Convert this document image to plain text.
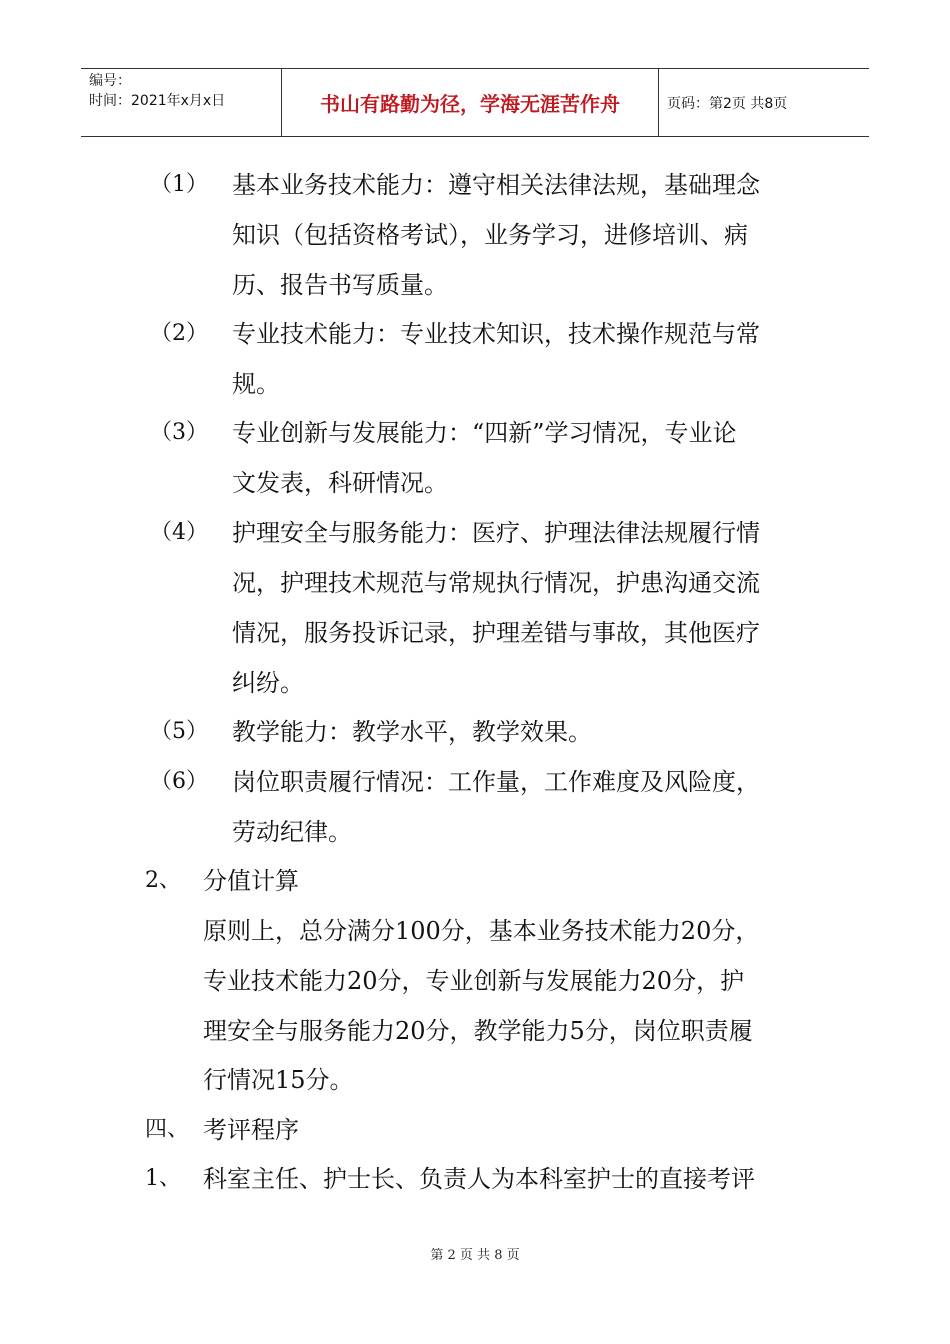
编号：
时间：2021年x月x日	书山有路勤为径，学海无涯苦作舟	页码：第2页 共8页
（1） 基本业务技术能力：遵守相关法律法规，基础理念
知识（包括资格考试），业务学习，进修培训、病
历、报告书写质量。
（2） 专业技术能力：专业技术知识，技术操作规范与常
规。
（3） 专业创新与发展能力：“四新”学习情况，专业论
文发表，科研情况。
（4） 护理安全与服务能力：医疗、护理法律法规履行情
况，护理技术规范与常规执行情况，护患沟通交流
情况，服务投诉记录，护理差错与事故，其他医疗
纠纷。
（5） 教学能力：教学水平，教学效果。
（6） 岗位职责履行情况：工作量，工作难度及风险度，
劳动纪律。
2、 分值计算
原则上，总分满分100分，基本业务技术能力20分，
专业技术能力20分，专业创新与发展能力20分，护
理安全与服务能力20分，教学能力5分，岗位职责履
行情况15分。
四、 考评程序
1、 科室主任、护士长、负责人为本科室护士的直接考评
第 2 页 共 8 页
